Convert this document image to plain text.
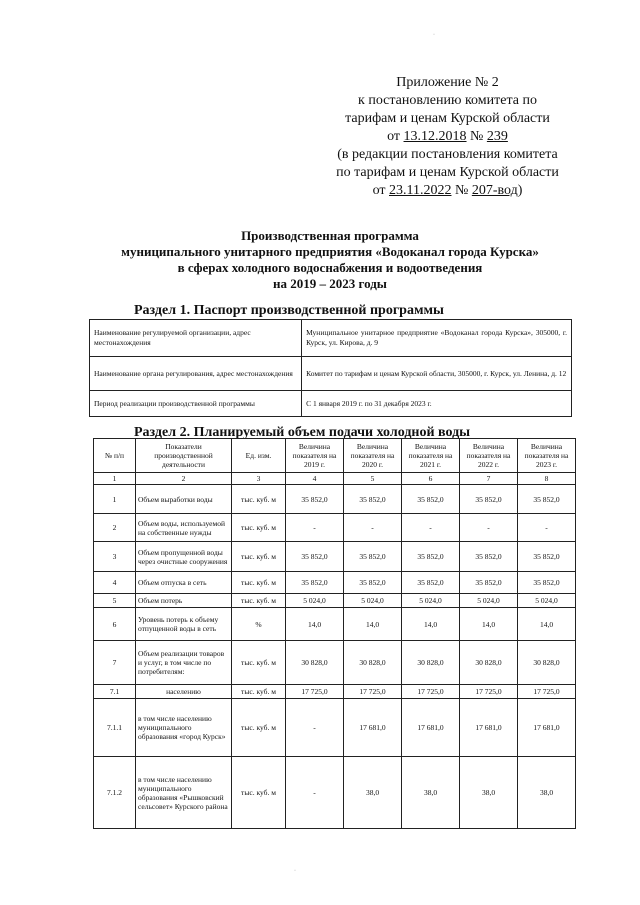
·
Приложение № 2
к постановлению комитета по
тарифам и ценам Курской области
от 13.12.2018 № 239
(в редакции постановления комитета
по тарифам и ценам Курской области
от 23.11.2022 № 207-вод)
Производственная программа
муниципального унитарного предприятия «Водоканал города Курска»
в сферах холодного водоснабжения и водоотведения
на 2019 – 2023 годы
Раздел 1. Паспорт производственной программы
Наименование регулируемой организации, адрес местонахождения	Муниципальное унитарное предприятие «Водоканал города Курска», 305000, г. Курск, ул. Кирова, д. 9
Наименование органа регулирования, адрес местонахождения	Комитет по тарифам и ценам Курской области, 305000, г. Курск, ул. Ленина, д. 12
Период реализации производственной программы	С 1 января 2019 г. по 31 декабря 2023 г.
Раздел 2. Планируемый объем подачи холодной воды
№ п/п	Показатели производственной деятельности	Ед. изм.	Величина показателя на 2019 г.	Величина показателя на 2020 г.	Величина показателя на 2021 г.	Величина показателя на 2022 г.	Величина показателя на 2023 г.
1	2	3	4	5	6	7	8
1	Объем выработки воды	тыс. куб. м	35 852,0	35 852,0	35 852,0	35 852,0	35 852,0
2	Объем воды, используемой на собственные нужды	тыс. куб. м	-	-	-	-	-
3	Объем пропущенной воды через очистные сооружения	тыс. куб. м	35 852,0	35 852,0	35 852,0	35 852,0	35 852,0
4	Объем отпуска в сеть	тыс. куб. м	35 852,0	35 852,0	35 852,0	35 852,0	35 852,0
5	Объем потерь	тыс. куб. м	5 024,0	5 024,0	5 024,0	5 024,0	5 024,0
6	Уровень потерь к объему отпущенной воды в сеть	%	14,0	14,0	14,0	14,0	14,0
7	Объем реализации товаров и услуг, в том числе по потребителям:	тыс. куб. м	30 828,0	30 828,0	30 828,0	30 828,0	30 828,0
7.1	населению	тыс. куб. м	17 725,0	17 725,0	17 725,0	17 725,0	17 725,0
7.1.1	в том числе населению муниципального образования «город Курск»	тыс. куб. м	-	17 681,0	17 681,0	17 681,0	17 681,0
7.1.2	в том числе населению муниципального образования «Рышковский сельсовет» Курского района	тыс. куб. м	-	38,0	38,0	38,0	38,0
·
